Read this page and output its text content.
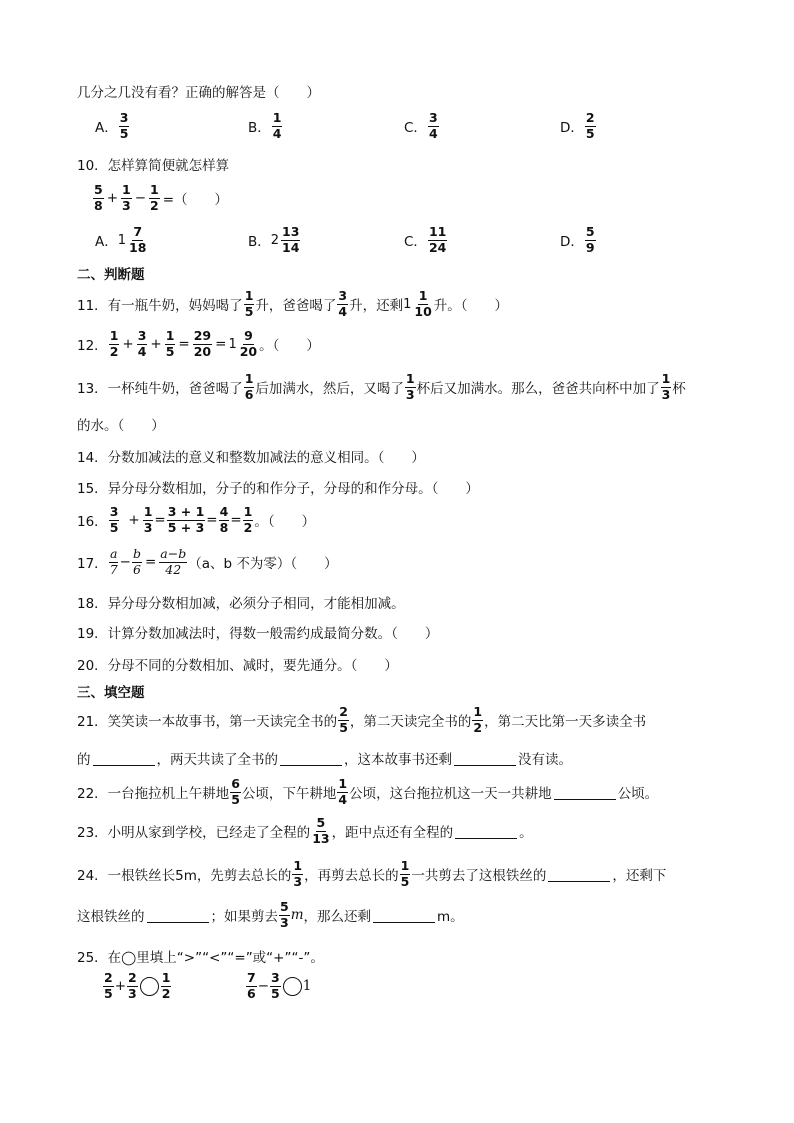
几分之几没有看？正确的解答是（　　）
A． $\frac{3}{5}$	B． $\frac{1}{4}$	C． $\frac{3}{4}$	D． $\frac{2}{5}$
10．怎样算简便就怎样算
$\frac{5}{8} + \frac{1}{3} - \frac{1}{2}$ =（　　）
A． $1 \frac{7}{18}$	B． $2 \frac{13}{14}$	C． $\frac{11}{24}$	D． $\frac{5}{9}$
二、判断题
11．有一瓶牛奶，妈妈喝了 $\frac{1}{5}$ 升，爸爸喝了 $\frac{3}{4}$ 升，还剩 $1 \frac{1}{10}$ 升。（　　）
12． $\frac{1}{2} + \frac{3}{4} + \frac{1}{5} = \frac{29}{20} = 1 \frac{9}{20}$ 。（　　）
13．一杯纯牛奶，爸爸喝了 $\frac{1}{6}$ 后加满水，然后，又喝了 $\frac{1}{3}$ 杯后又加满水。那么，爸爸共向杯中加了 $\frac{1}{3}$ 杯
的水。（　　）
14．分数加减法的意义和整数加减法的意义相同。（　　）
15．异分母分数相加，分子的和作分子，分母的和作分母。（　　）
16． $\frac{3}{5} + \frac{1}{3} = \frac{3 + 1}{5 + 3} = \frac{4}{8} = \frac{1}{2}$ 。（　　）
17． $\frac{a}{7} - \frac{b}{6} = \frac{a-b}{42} (a$、b 不为零）（　　）
18．异分母分数相加减，必须分子相同，才能相加减。
19．计算分数加减法时，得数一般需约成最简分数。（　　）
20．分母不同的分数相加、减时，要先通分。（　　）
三、填空题
21．笑笑读一本故事书，第一天读完全书的 $\frac{2}{5}$ ，第二天读完全书的 $\frac{1}{2}$ ，第二天比第一天多读全书
的	，两天共读了全书的	，这本故事书还剩	没有读。
22．一台拖拉机上午耕地 $\frac{6}{5}$ 公顷，下午耕地 $\frac{1}{4}$ 公顷，这台拖拉机这一天一共耕地	公顷。
23．小明从家到学校，已经走了全程的 $\frac{5}{13}$ ，距中点还有全程的	。
24．一根铁丝长5m，先剪去总长的 $\frac{1}{3}$ ，再剪去总长的 $\frac{1}{5}$ 一共剪去了这根铁丝的	，还剩下
这根铁丝的	；如果剪去 $\frac{5}{3}$ m ，那么还剩	m。
25．在◯里填上“>”“<”“=”或“+”“-”。
$\frac{2}{5} + \frac{2}{3} \frac{1}{2}$	$\frac{7}{6} - \frac{3}{5} 1$
